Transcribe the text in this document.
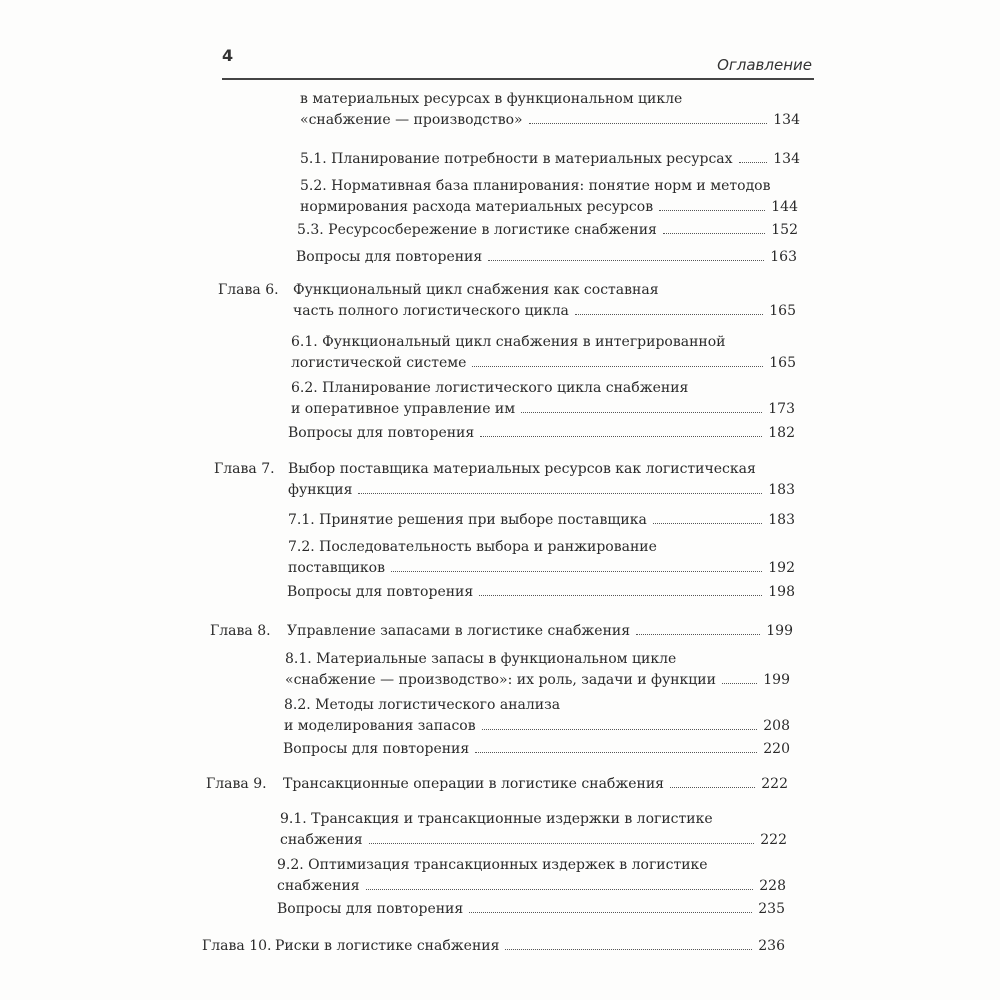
4	Оглавление
в материальных ресурсах в функциональном цикле
«снабжение — производство»	134
5.1. Планирование потребности в материальных ресурсах	134
5.2. Нормативная база планирования: понятие норм и методов
нормирования расхода материальных ресурсов	144
5.3. Ресурсосбережение в логистике снабжения	152
Вопросы для повторения	163
Глава 6. Функциональный цикл снабжения как составная
часть полного логистического цикла	165
6.1. Функциональный цикл снабжения в интегрированной
логистической системе	165
6.2. Планирование логистического цикла снабжения
и оперативное управление им	173
Вопросы для повторения	182
Глава 7. Выбор поставщика материальных ресурсов как логистическая
функция	183
7.1. Принятие решения при выборе поставщика	183
7.2. Последовательность выбора и ранжирование
поставщиков	192
Вопросы для повторения	198
Глава 8. Управление запасами в логистике снабжения	199
8.1. Материальные запасы в функциональном цикле
«снабжение — производство»: их роль, задачи и функции	199
8.2. Методы логистического анализа
и моделирования запасов	208
Вопросы для повторения	220
Глава 9. Трансакционные операции в логистике снабжения	222
9.1. Трансакция и трансакционные издержки в логистике
снабжения	222
9.2. Оптимизация трансакционных издержек в логистике
снабжения	228
Вопросы для повторения	235
Глава 10. Риски в логистике снабжения	236
